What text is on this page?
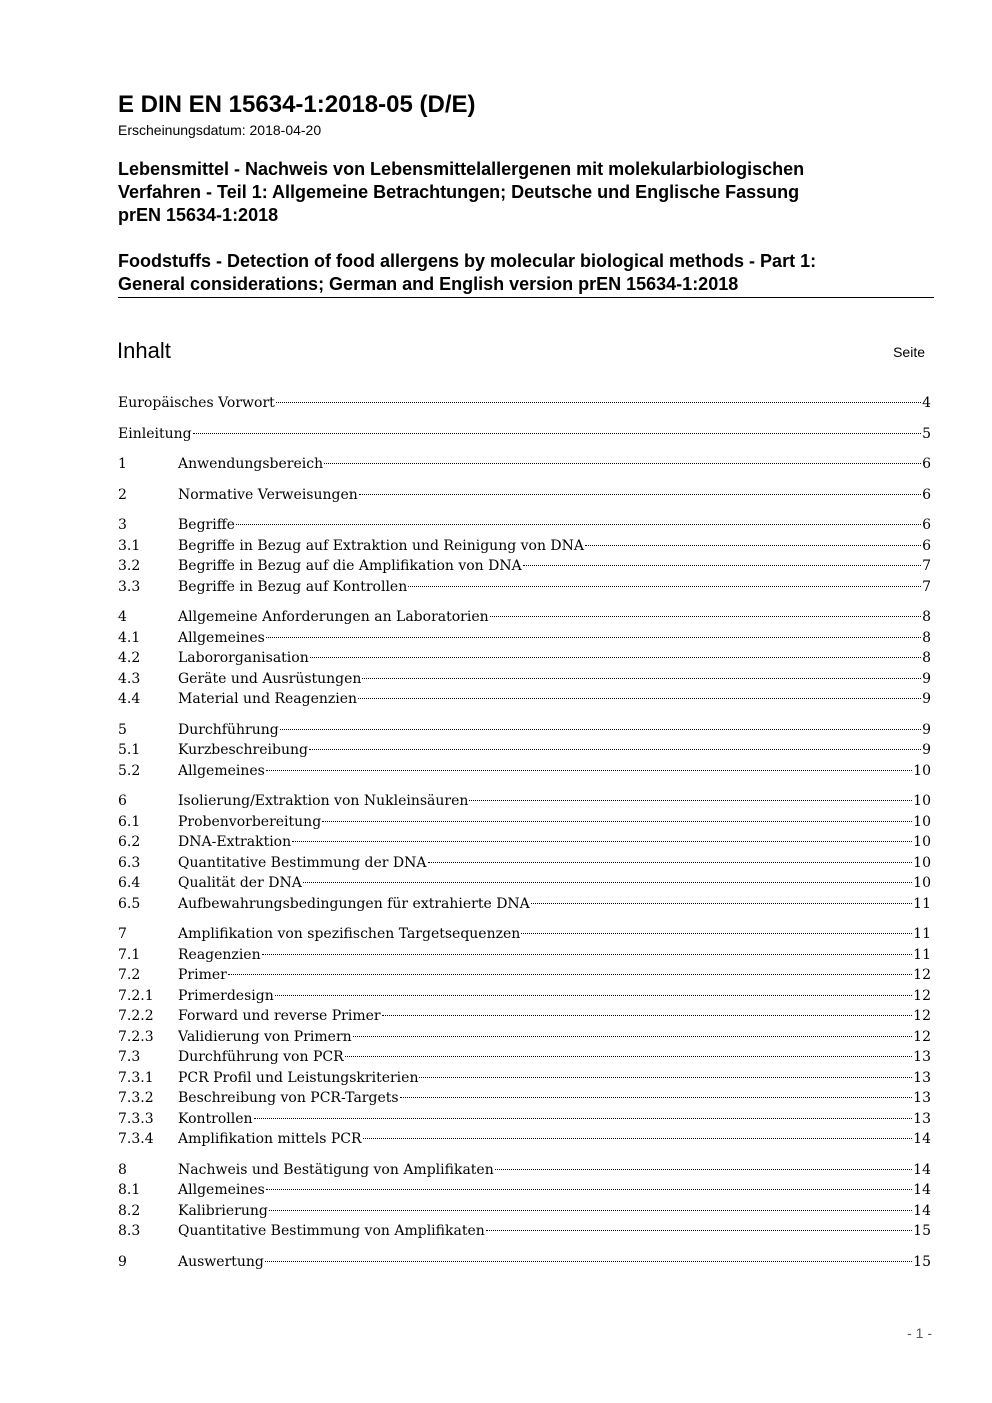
E DIN EN 15634-1:2018-05 (D/E)
Erscheinungsdatum: 2018-04-20
Lebensmittel - Nachweis von Lebensmittelallergenen mit molekularbiologischen
Verfahren - Teil 1: Allgemeine Betrachtungen; Deutsche und Englische Fassung
prEN 15634-1:2018
Foodstuffs - Detection of food allergens by molecular biological methods - Part 1:
General considerations; German and English version prEN 15634-1:2018
Inhalt	Seite
Europäisches Vorwort	4
Einleitung	5
1	Anwendungsbereich	6
2	Normative Verweisungen	6
3	Begriffe	6
3.1	Begriffe in Bezug auf Extraktion und Reinigung von DNA	6
3.2	Begriffe in Bezug auf die Amplifikation von DNA	7
3.3	Begriffe in Bezug auf Kontrollen	7
4	Allgemeine Anforderungen an Laboratorien	8
4.1	Allgemeines	8
4.2	Labororganisation	8
4.3	Geräte und Ausrüstungen	9
4.4	Material und Reagenzien	9
5	Durchführung	9
5.1	Kurzbeschreibung	9
5.2	Allgemeines	10
6	Isolierung/Extraktion von Nukleinsäuren	10
6.1	Probenvorbereitung	10
6.2	DNA-Extraktion	10
6.3	Quantitative Bestimmung der DNA	10
6.4	Qualität der DNA	10
6.5	Aufbewahrungsbedingungen für extrahierte DNA	11
7	Amplifikation von spezifischen Targetsequenzen	11
7.1	Reagenzien	11
7.2	Primer	12
7.2.1	Primerdesign	12
7.2.2	Forward und reverse Primer	12
7.2.3	Validierung von Primern	12
7.3	Durchführung von PCR	13
7.3.1	PCR Profil und Leistungskriterien	13
7.3.2	Beschreibung von PCR-Targets	13
7.3.3	Kontrollen	13
7.3.4	Amplifikation mittels PCR	14
8	Nachweis und Bestätigung von Amplifikaten	14
8.1	Allgemeines	14
8.2	Kalibrierung	14
8.3	Quantitative Bestimmung von Amplifikaten	15
9	Auswertung	15
- 1 -
